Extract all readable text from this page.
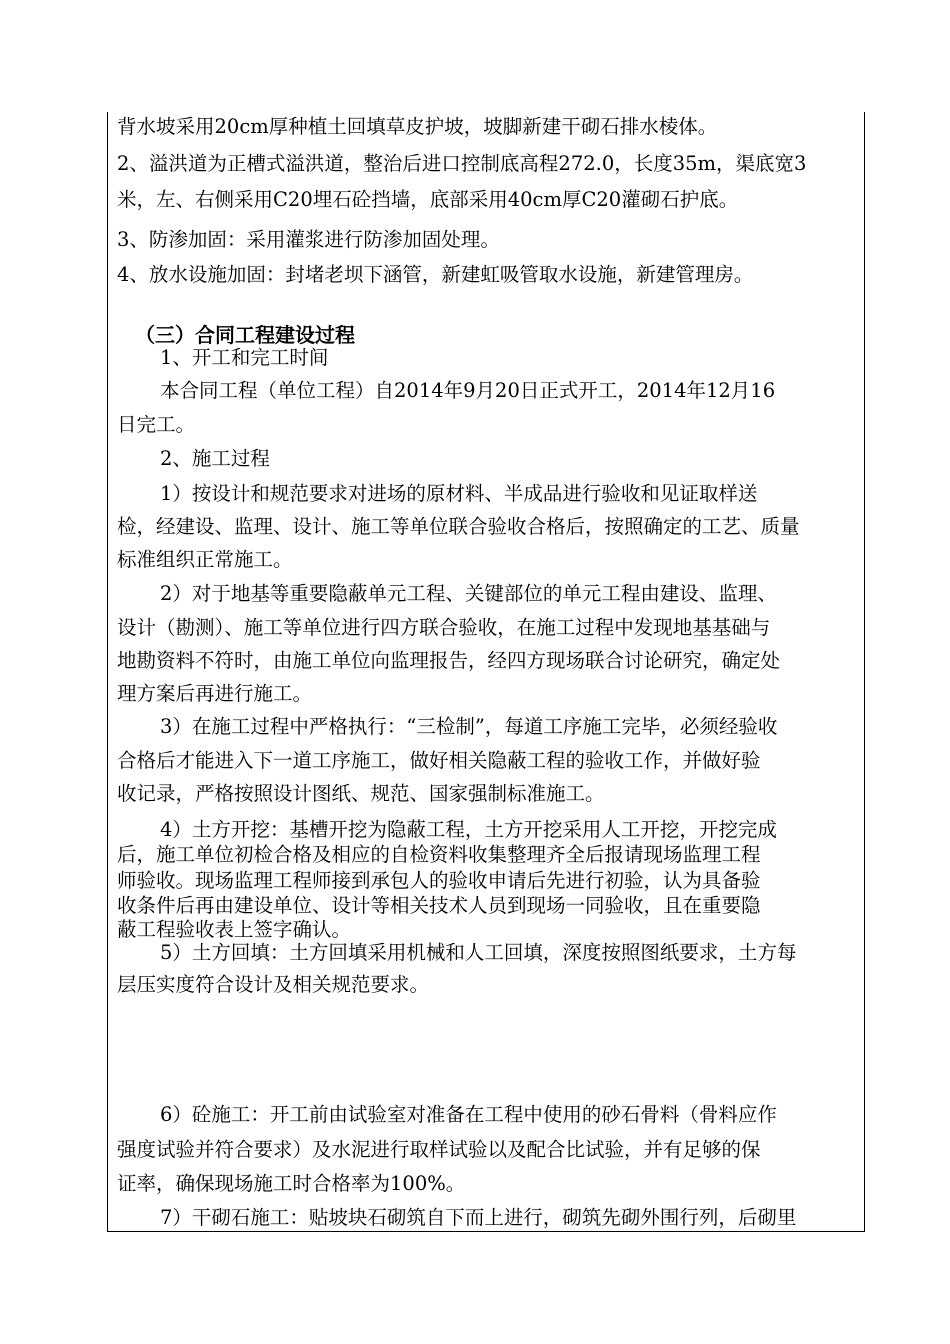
背水坡采用20cm厚种植土回填草皮护坡，坡脚新建干砌石排水棱体。
2、溢洪道为正槽式溢洪道，整治后进口控制底高程272.0，长度35m，渠底宽3
米，左、右侧采用C20埋石砼挡墙，底部采用40cm厚C20灌砌石护底。
3、防渗加固：采用灌浆进行防渗加固处理。
4、放水设施加固：封堵老坝下涵管，新建虹吸管取水设施，新建管理房。
（三）合同工程建设过程
1、开工和完工时间
本合同工程（单位工程）自2014年9月20日正式开工，2014年12月16
日完工。
2、施工过程
1）按设计和规范要求对进场的原材料、半成品进行验收和见证取样送
检，经建设、监理、设计、施工等单位联合验收合格后，按照确定的工艺、质量
标准组织正常施工。
2）对于地基等重要隐蔽单元工程、关键部位的单元工程由建设、监理、
设计（勘测）、施工等单位进行四方联合验收，在施工过程中发现地基基础与
地勘资料不符时，由施工单位向监理报告，经四方现场联合讨论研究，确定处
理方案后再进行施工。
3）在施工过程中严格执行：“三检制”，每道工序施工完毕，必须经验收
合格后才能进入下一道工序施工，做好相关隐蔽工程的验收工作，并做好验
收记录，严格按照设计图纸、规范、国家强制标准施工。
4）土方开挖：基槽开挖为隐蔽工程，土方开挖采用人工开挖，开挖完成
后，施工单位初检合格及相应的自检资料收集整理齐全后报请现场监理工程
师验收。现场监理工程师接到承包人的验收申请后先进行初验，认为具备验
收条件后再由建设单位、设计等相关技术人员到现场一同验收，且在重要隐
蔽工程验收表上签字确认。
5）土方回填：土方回填采用机械和人工回填，深度按照图纸要求，土方每
层压实度符合设计及相关规范要求。
6）砼施工：开工前由试验室对准备在工程中使用的砂石骨料（骨料应作
强度试验并符合要求）及水泥进行取样试验以及配合比试验，并有足够的保
证率，确保现场施工时合格率为100%。
7）干砌石施工：贴坡块石砌筑自下而上进行，砌筑先砌外围行列，后砌里
